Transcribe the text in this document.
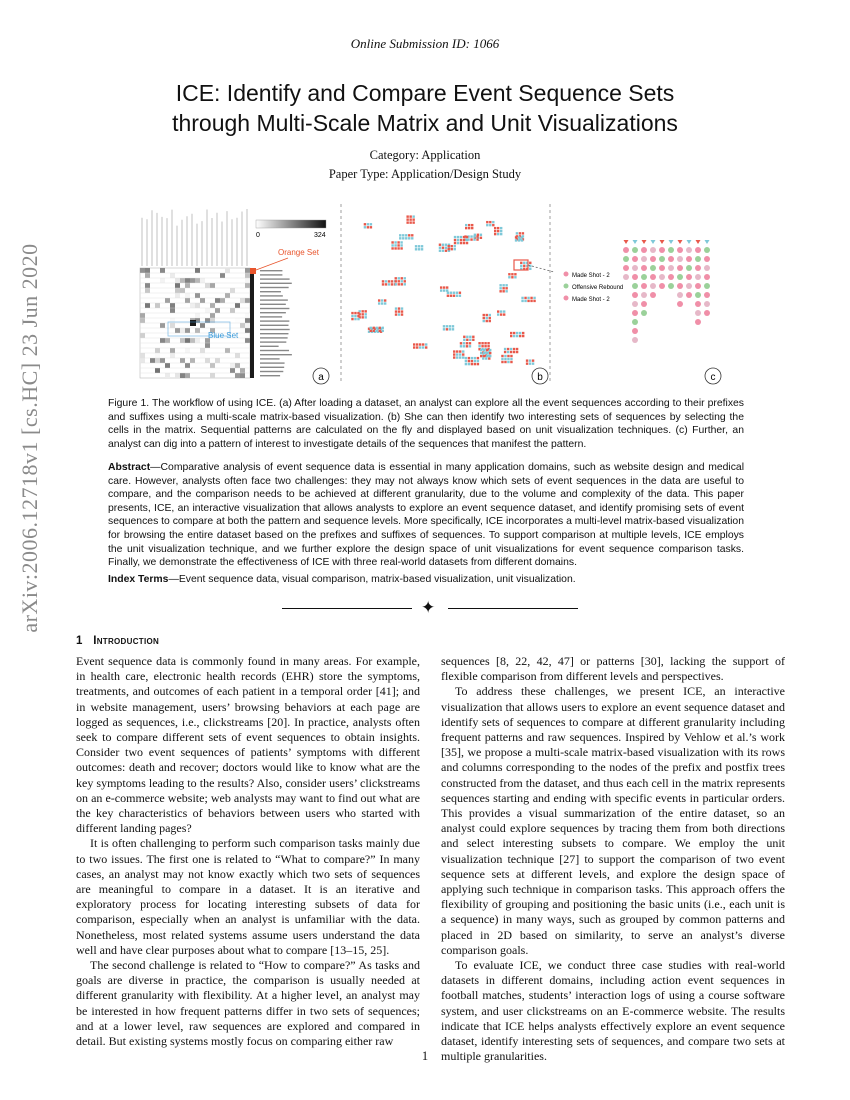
Online Submission ID: 1066
ICE: Identify and Compare Event Sequence Sets
through Multi-Scale Matrix and Unit Visualizations
Category: Application
Paper Type: Application/Design Study
arXiv:2006.12718v1 [cs.HC] 23 Jun 2020
0	324
Orange Set
Blue Set
a	b
Made Shot - 2
Offensive Rebound
Made Shot - 2
c
Figure 1. The workflow of using ICE. (a) After loading a dataset, an analyst can explore all the event sequences according to their prefixes and suffixes using a multi-scale matrix-based visualization. (b) She can then identify two interesting sets of sequences by selecting the cells in the matrix. Sequential patterns are calculated on the fly and displayed based on unit visualization techniques. (c) Further, an analyst can dig into a pattern of interest to investigate details of the sequences that manifest the pattern.
Abstract—Comparative analysis of event sequence data is essential in many application domains, such as website design and medical care. However, analysts often face two challenges: they may not always know which sets of event sequences in the data are useful to compare, and the comparison needs to be achieved at different granularity, due to the volume and complexity of the data. This paper presents, ICE, an interactive visualization that allows analysts to explore an event sequence dataset, and identify promising sets of event sequences to compare at both the pattern and sequence levels. More specifically, ICE incorporates a multi-level matrix-based visualization for browsing the entire dataset based on the prefixes and suffixes of sequences. To support comparison at multiple levels, ICE employs the unit visualization technique, and we further explore the design space of unit visualizations for event sequence comparison tasks. Finally, we demonstrate the effectiveness of ICE with three real-world datasets from different domains.
Index Terms—Event sequence data, visual comparison, matrix-based visualization, unit visualization.
✦
1 Introduction

Event sequence data is commonly found in many areas. For example, in health care, electronic health records (EHR) store the symptoms, treatments, and outcomes of each patient in a temporal order [41]; and in website management, users’ browsing behaviors at each page are logged as sequences, i.e., clickstreams [20]. In practice, analysts often seek to compare different sets of event sequences to obtain insights. Consider two event sequences of patients’ symptoms with different outcomes: death and recover; doctors would like to know what are the key symptoms leading to the results? Also, consider users’ clickstreams on an e-commerce website; web analysts may want to find out what are the key characteristics of behaviors between users who started with different landing pages?

It is often challenging to perform such comparison tasks mainly due to two issues. The first one is related to “What to compare?” In many cases, an analyst may not know exactly which two sets of sequences are meaningful to compare in a dataset. It is an iterative and exploratory process for locating interesting subsets of data for comparison, especially when an analyst is unfamiliar with the data. Nonetheless, most related systems assume users understand the data well and have clear purposes about what to compare [13–15, 25].

The second challenge is related to “How to compare?” As tasks and goals are diverse in practice, the comparison is usually needed at different granularity with flexibility. At a higher level, an analyst may be interested in how frequent patterns differ in two sets of sequences; and at a lower level, raw sequences are explored and compared in detail. But existing systems mostly focus on comparing either raw

sequences [8, 22, 42, 47] or patterns [30], lacking the support of flexible comparison from different levels and perspectives.

To address these challenges, we present ICE, an interactive visualization that allows users to explore an event sequence dataset and identify sets of sequences to compare at different granularity including frequent patterns and raw sequences. Inspired by Vehlow et al.’s work [35], we propose a multi-scale matrix-based visualization with its rows and columns corresponding to the nodes of the prefix and postfix trees constructed from the dataset, and thus each cell in the matrix represents sequences starting and ending with specific events in particular orders. This provides a visual summarization of the entire dataset, so an analyst could explore sequences by tracing them from both directions and select interesting subsets to compare. We employ the unit visualization technique [27] to support the comparison of two event sequence sets at different levels, and explore the design space of applying such technique in comparison tasks. This approach offers the flexibility of grouping and positioning the basic units (i.e., each unit is a sequence) in many ways, such as grouped by common patterns and placed in 2D based on similarity, to serve an analyst’s diverse comparison goals.

To evaluate ICE, we conduct three case studies with real-world datasets in different domains, including action event sequences in football matches, students’ interaction logs of using a course software system, and user clickstreams on an E-commerce website. The results indicate that ICE helps analysts effectively explore an event sequence dataset, identify interesting sets of sequences, and compare two sets at multiple granularities.

1
